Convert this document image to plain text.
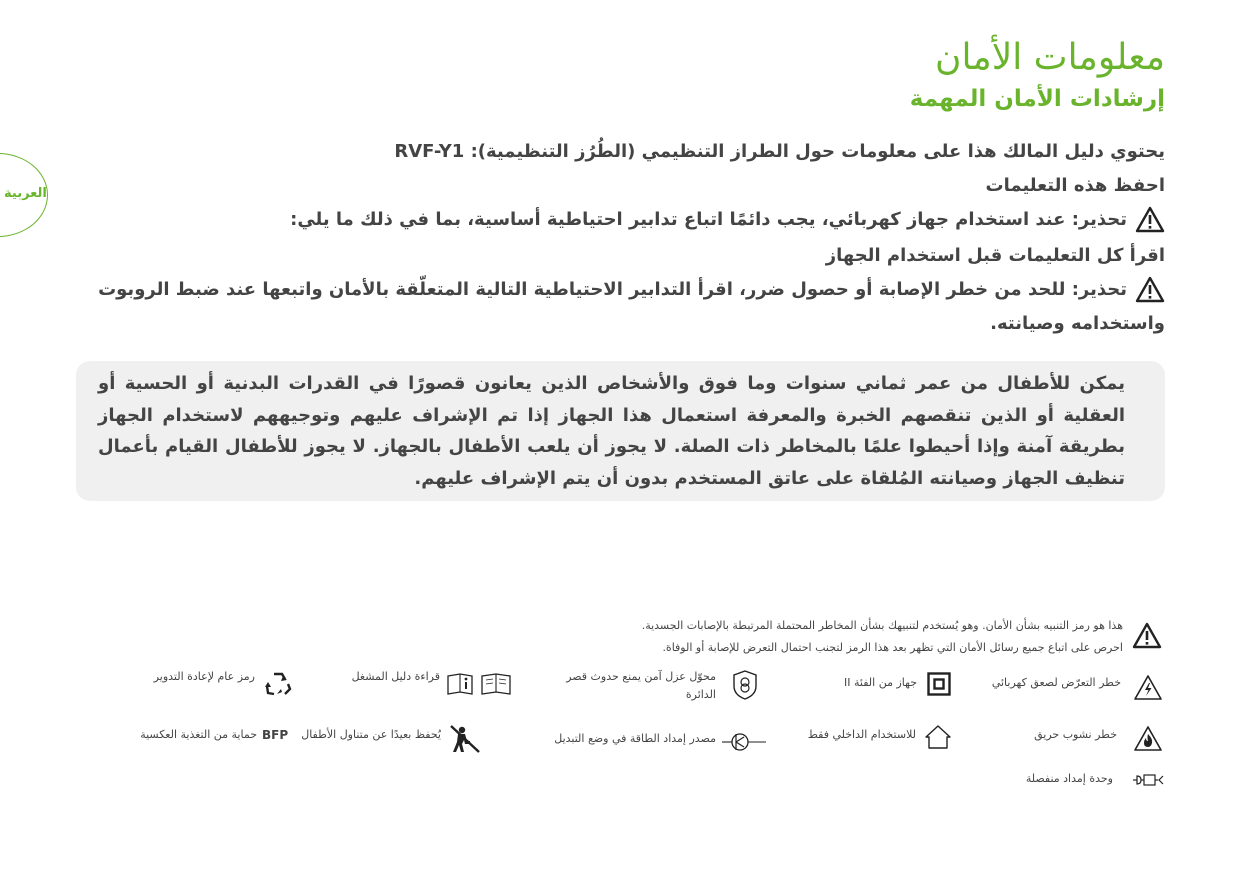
معلومات الأمان
إرشادات الأمان المهمة
العربية
يحتوي دليل المالك هذا على معلومات حول الطراز التنظيمي (الطُرُز التنظيمية): RVF-Y1
احفظ هذه التعليمات
تحذير: عند استخدام جهاز كهربائي، يجب دائمًا اتباع تدابير احتياطية أساسية، بما في ذلك ما يلي:
اقرأ كل التعليمات قبل استخدام الجهاز
تحذير: للحد من خطر الإصابة أو حصول ضرر، اقرأ التدابير الاحتياطية التالية المتعلّقة بالأمان واتبعها عند ضبط الروبوت
واستخدامه وصيانته.

يمكن للأطفال من عمر ثماني سنوات وما فوق والأشخاص الذين يعانون قصورًا في القدرات البدنية أو الحسية أو العقلية أو الذين تنقصهم الخبرة والمعرفة استعمال هذا الجهاز إذا تم الإشراف عليهم وتوجيههم لاستخدام الجهاز بطريقة آمنة وإذا أحيطوا علمًا بالمخاطر ذات الصلة. لا يجوز أن يلعب الأطفال بالجهاز. لا يجوز للأطفال القيام بأعمال تنظيف الجهاز وصيانته المُلقاة على عاتق المستخدم بدون أن يتم الإشراف عليهم.

هذا هو رمز التنبيه بشأن الأمان. وهو يُستخدم لتنبيهك بشأن المخاطر المحتملة المرتبطة بالإصابات الجسدية.
احرص على اتباع جميع رسائل الأمان التي تظهر بعد هذا الرمز لتجنب احتمال التعرض للإصابة أو الوفاة.
خطر التعرّض لصعق كهربائي
جهاز من الفئة II
محوّل عزل آمن يمنع حدوث قصر
الدائرة
قراءة دليل المشغل
رمز عام لإعادة التدوير
خطر نشوب حريق
للاستخدام الداخلي فقط
مصدر إمداد الطاقة في وضع التبديل
يُحفظ بعيدًا عن متناول الأطفال
BFP
حماية من التغذية العكسية
وحدة إمداد منفصلة
